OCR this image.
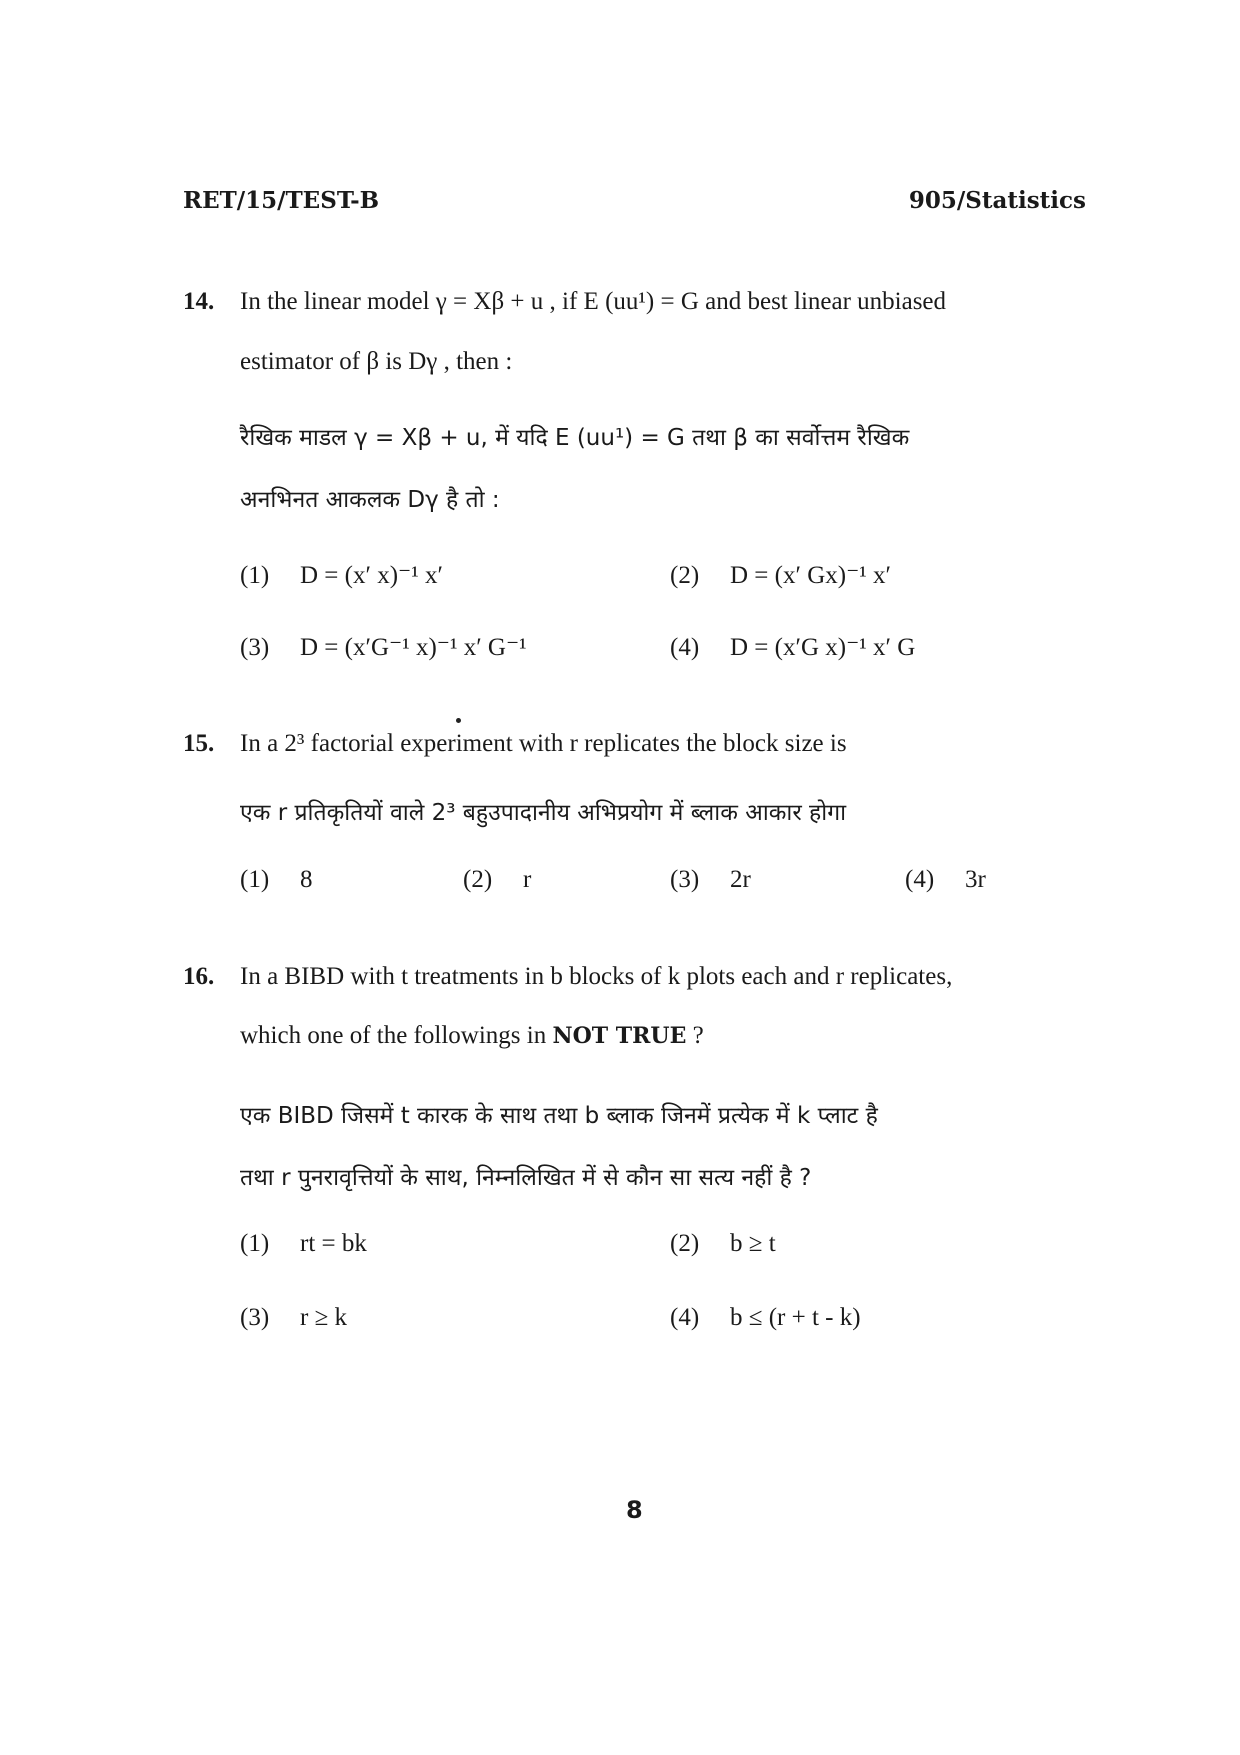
RET/15/TEST-B	905/Statistics
14. In the linear model γ = Xβ + u , if E (uu¹) = G and best linear unbiased
estimator of β is Dγ , then :
रैखिक माडल γ = Xβ + u, में यदि E (uu¹) = G तथा β का सर्वोत्तम रैखिक
अनभिनत आकलक Dγ है तो :
(1) D = (x′ x)⁻¹ x′	(2) D = (x′ Gx)⁻¹ x′
(3) D = (x′G⁻¹ x)⁻¹ x′ G⁻¹	(4) D = (x′G x)⁻¹ x′ G
15. In a 2³ factorial experiment with r replicates the block size is
एक r प्रतिकृतियों वाले 2³ बहुउपादानीय अभिप्रयोग में ब्लाक आकार होगा
(1) 8	(2) r	(3) 2r	(4) 3r
16. In a BIBD with t treatments in b blocks of k plots each and r replicates,
which one of the followings in NOT TRUE ?
एक BIBD जिसमें t कारक के साथ तथा b ब्लाक जिनमें प्रत्येक में k प्लाट है
तथा r पुनरावृत्तियों के साथ, निम्नलिखित में से कौन सा सत्य नहीं है ?
(1) rt = bk	(2) b ≥ t
(3) r ≥ k	(4) b ≤ (r + t - k)
8
